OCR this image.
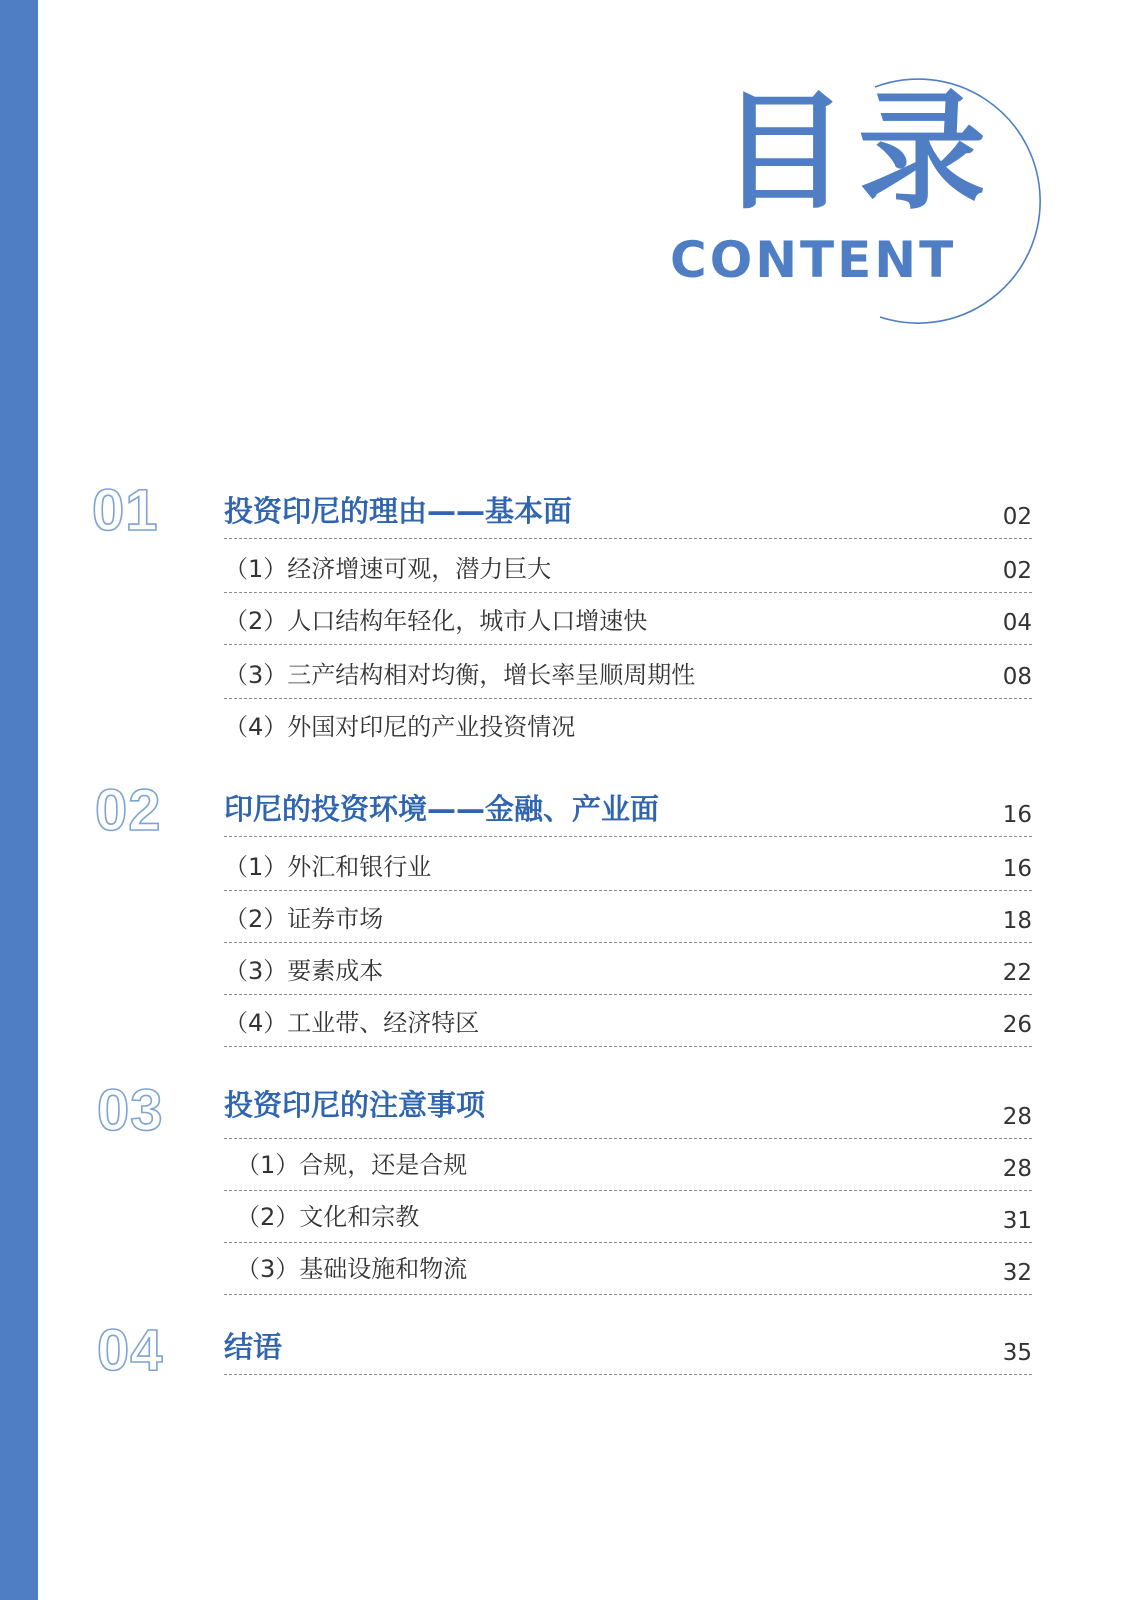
目录
CONTENT
01 投资印尼的理由——基本面	02
（1）经济增速可观，潜力巨大	02
（2）人口结构年轻化，城市人口增速快	04
（3）三产结构相对均衡，增长率呈顺周期性	08
（4）外国对印尼的产业投资情况
02 印尼的投资环境——金融、产业面	16
（1）外汇和银行业	16
（2）证券市场	18
（3）要素成本	22
（4）工业带、经济特区	26
03 投资印尼的注意事项	28
（1）合规，还是合规	28
（2）文化和宗教	31
（3）基础设施和物流	32
04 结语	35
